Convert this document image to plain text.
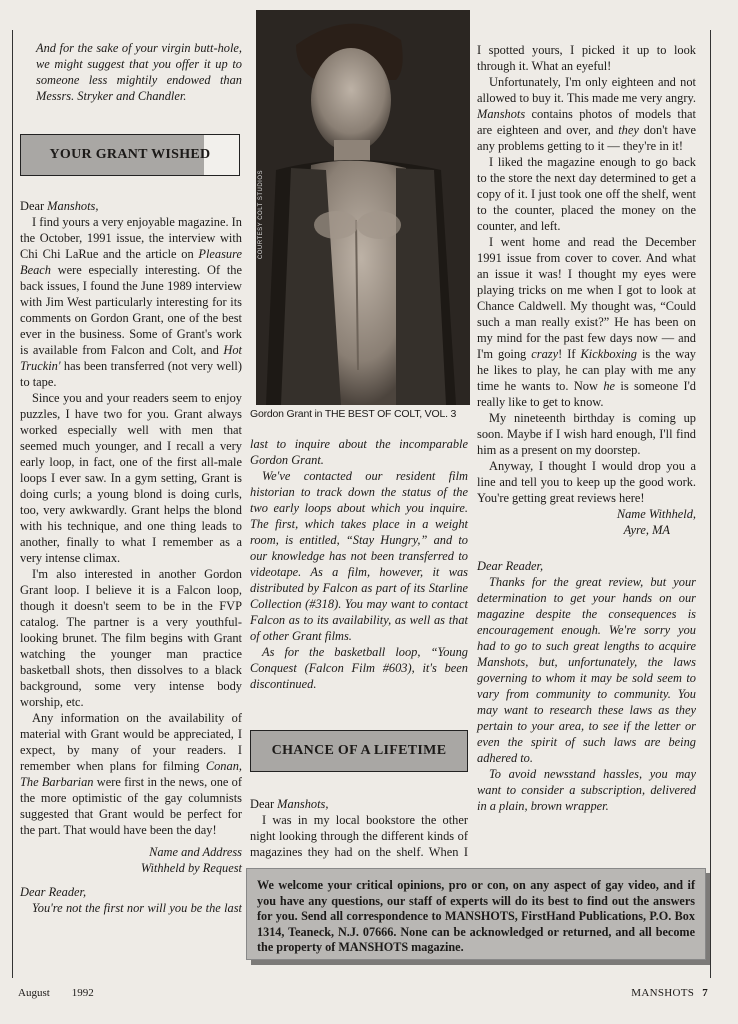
And for the sake of your virgin butt-hole, we might suggest that you offer it up to someone less mightily endowed than Messrs. Stryker and Chandler.

YOUR GRANT WISHED

Dear Manshots,

I find yours a very enjoyable magazine. In the October, 1991 issue, the interview with Chi Chi LaRue and the article on Pleasure Beach were especially interesting. Of the back issues, I found the June 1989 interview with Jim West particularly interesting for its comments on Gordon Grant, one of the best ever in the business. Some of Grant's work is available from Falcon and Colt, and Hot Truckin' has been transferred (not very well) to tape.

Since you and your readers seem to enjoy puzzles, I have two for you. Grant always worked especially well with men that seemed much younger, and I recall a very early loop, in fact, one of the first all-male loops I ever saw. In a gym setting, Grant is doing curls; a young blond is doing curls, too, very awkwardly. Grant helps the blond with his technique, and one thing leads to another, finally to what I remember as a very intense climax.

I'm also interested in another Gordon Grant loop. I believe it is a Falcon loop, though it doesn't seem to be in the FVP catalog. The partner is a very youthful-looking brunet. The film begins with Grant watching the younger man practice basketball shots, then dissolves to a black background, some very intense body worship, etc.

Any information on the availability of material with Grant would be appreciated, I expect, by many of your readers. I remember when plans for filming Conan, The Barbarian were first in the news, one of the more optimistic of the gay columnists suggested that Grant would be perfect for the part. That would have been the day!

Name and Address

Withheld by Request

Dear Reader,

You're not the first nor will you be the last

COURTESY COLT STUDIOS
Gordon Grant in THE BEST OF COLT, VOL. 3

last to inquire about the incomparable Gordon Grant.

We've contacted our resident film historian to track down the status of the two early loops about which you inquire. The first, which takes place in a weight room, is entitled, “Stay Hungry,” and to our knowledge has not been transferred to videotape. As a film, however, it was distributed by Falcon as part of its Starline Collection (#318). You may want to contact Falcon as to its availability, as well as that of other Grant films.

As for the basketball loop, “Young Conquest (Falcon Film #603), it's been discontinued.

CHANCE OF A LIFETIME

Dear Manshots,

I was in my local bookstore the other night looking through the different kinds of magazines they had on the shelf. When I

I spotted yours, I picked it up to look through it. What an eyeful!

Unfortunately, I'm only eighteen and not allowed to buy it. This made me very angry. Manshots contains photos of models that are eighteen and over, and they don't have any problems getting to it — they're in it!

I liked the magazine enough to go back to the store the next day determined to get a copy of it. I just took one off the shelf, went to the counter, placed the money on the counter, and left.

I went home and read the December 1991 issue from cover to cover. And what an issue it was! I thought my eyes were playing tricks on me when I got to look at Chance Caldwell. My thought was, “Could such a man really exist?” He has been on my mind for the past few days now — and I'm going crazy! If Kickboxing is the way he likes to play, he can play with me any time he wants to. Now he is someone I'd really like to get to know.

My nineteenth birthday is coming up soon. Maybe if I wish hard enough, I'll find him as a present on my doorstep.

Anyway, I thought I would drop you a line and tell you to keep up the good work. You're getting great reviews here!

Name Withheld,

Ayre, MA

Dear Reader,

Thanks for the great review, but your determination to get your hands on our magazine despite the consequences is encouragement enough. We're sorry you had to go to such great lengths to acquire Manshots, but, unfortunately, the laws governing to whom it may be sold seem to vary from community to community. You may want to research these laws as they pertain to your area, to see if the letter or even the spirit of such laws are being adhered to.

To avoid newsstand hassles, you may want to consider a subscription, delivered in a plain, brown wrapper.

We welcome your critical opinions, pro or con, on any aspect of gay video, and if you have any questions, our staff of experts will do its best to find out the answers for you. Send all correspondence to MANSHOTS, FirstHand Publications, P.O. Box 1314, Teaneck, N.J. 07666. None can be acknowledged or returned, and all become the property of MANSHOTS magazine.
August 1992	MANSHOTS 7
